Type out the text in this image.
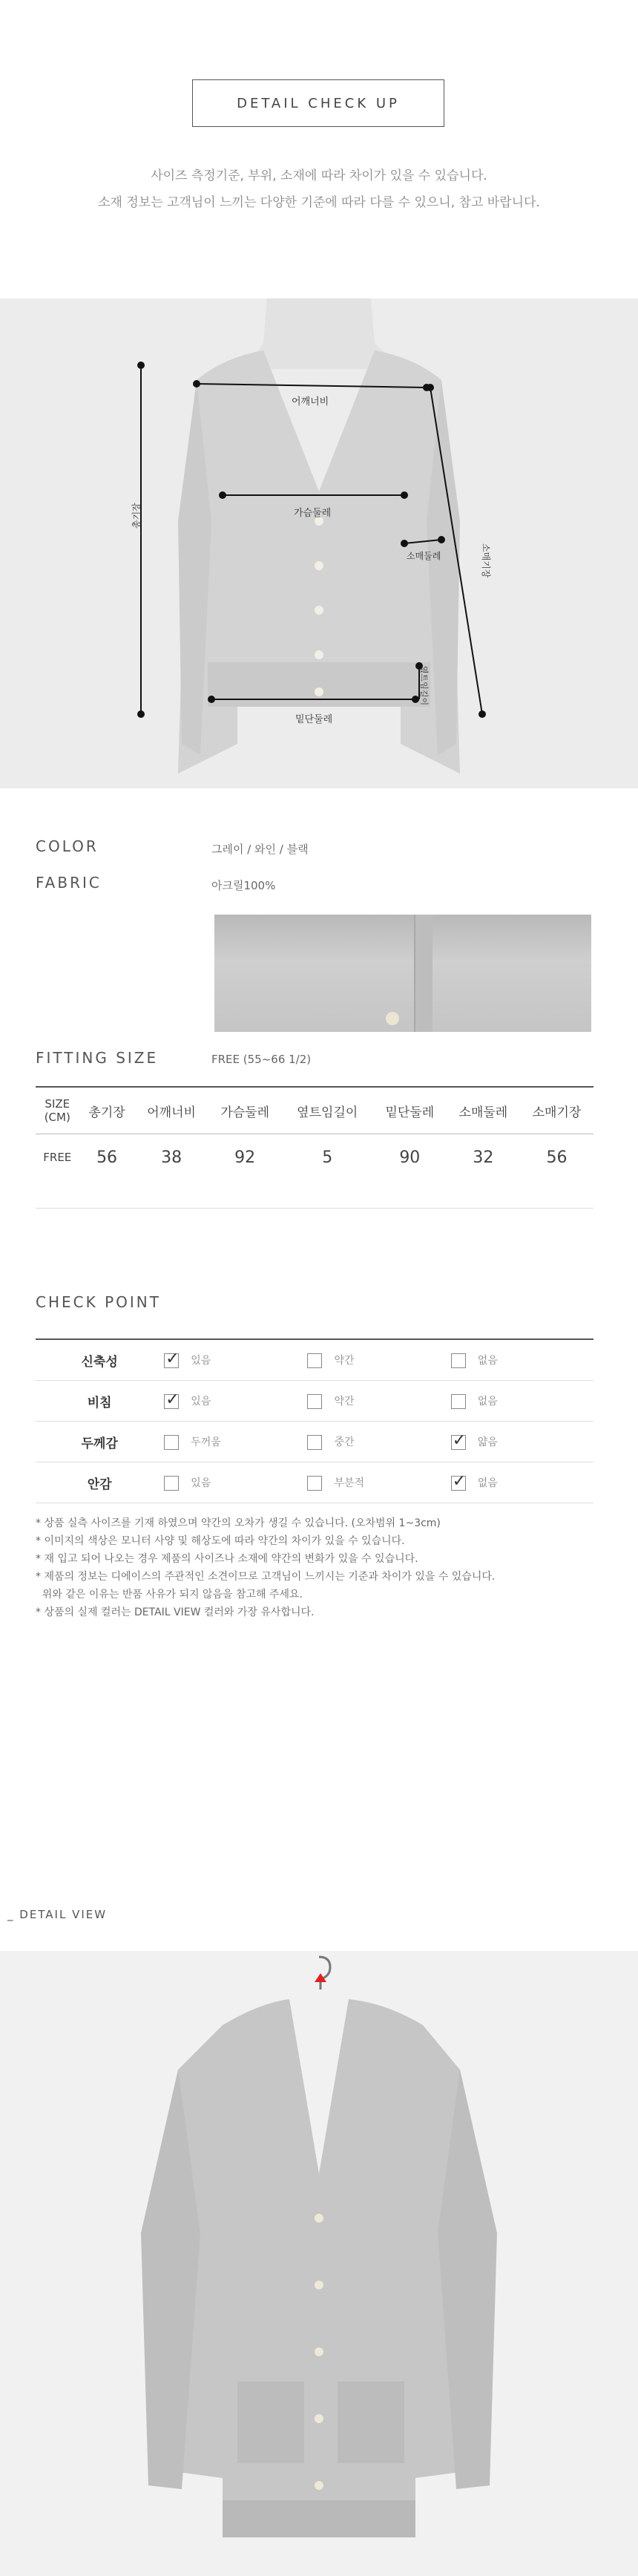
DETAIL CHECK UP
사이즈 측정기준, 부위, 소재에 따라 차이가 있을 수 있습니다.
소재 정보는 고객님이 느끼는 다양한 기준에 따라 다를 수 있으니, 참고 바랍니다.
어깨너비
가슴둘레
소매둘레	소매기장
밑단둘레
총기장
옆트임길이
COLOR	그레이 / 와인 / 블랙
FABRIC	아크릴100%
FITTING SIZE	FREE (55~66 1/2)
SIZE
(CM)	총기장	어깨너비	가슴둘레	옆트임길이	밑단둘레	소매둘레	소매기장
FREE	56	38	92	5	90	32	56
CHECK POINT
신축성	✓있음	약간	없음
비침	✓있음	약간	없음
두께감	두꺼움	중간	✓얇음
안감	있음	부분적	✓없음
* 상품 실측 사이즈를 기재 하였으며 약간의 오차가 생길 수 있습니다. (오차범위 1~3cm)
* 이미지의 색상은 모니터 사양 및 해상도에 따라 약간의 차이가 있을 수 있습니다.
* 재 입고 되어 나오는 경우 제품의 사이즈나 소재에 약간의 변화가 있을 수 있습니다.
* 제품의 정보는 디에이스의 주관적인 소견이므로 고객님이 느끼시는 기준과 차이가 있을 수 있습니다.
위와 같은 이유는 반품 사유가 되지 않음을 참고해 주세요.
* 상품의 실제 컬러는 DETAIL VIEW 컬러와 가장 유사합니다.
_ DETAIL VIEW
